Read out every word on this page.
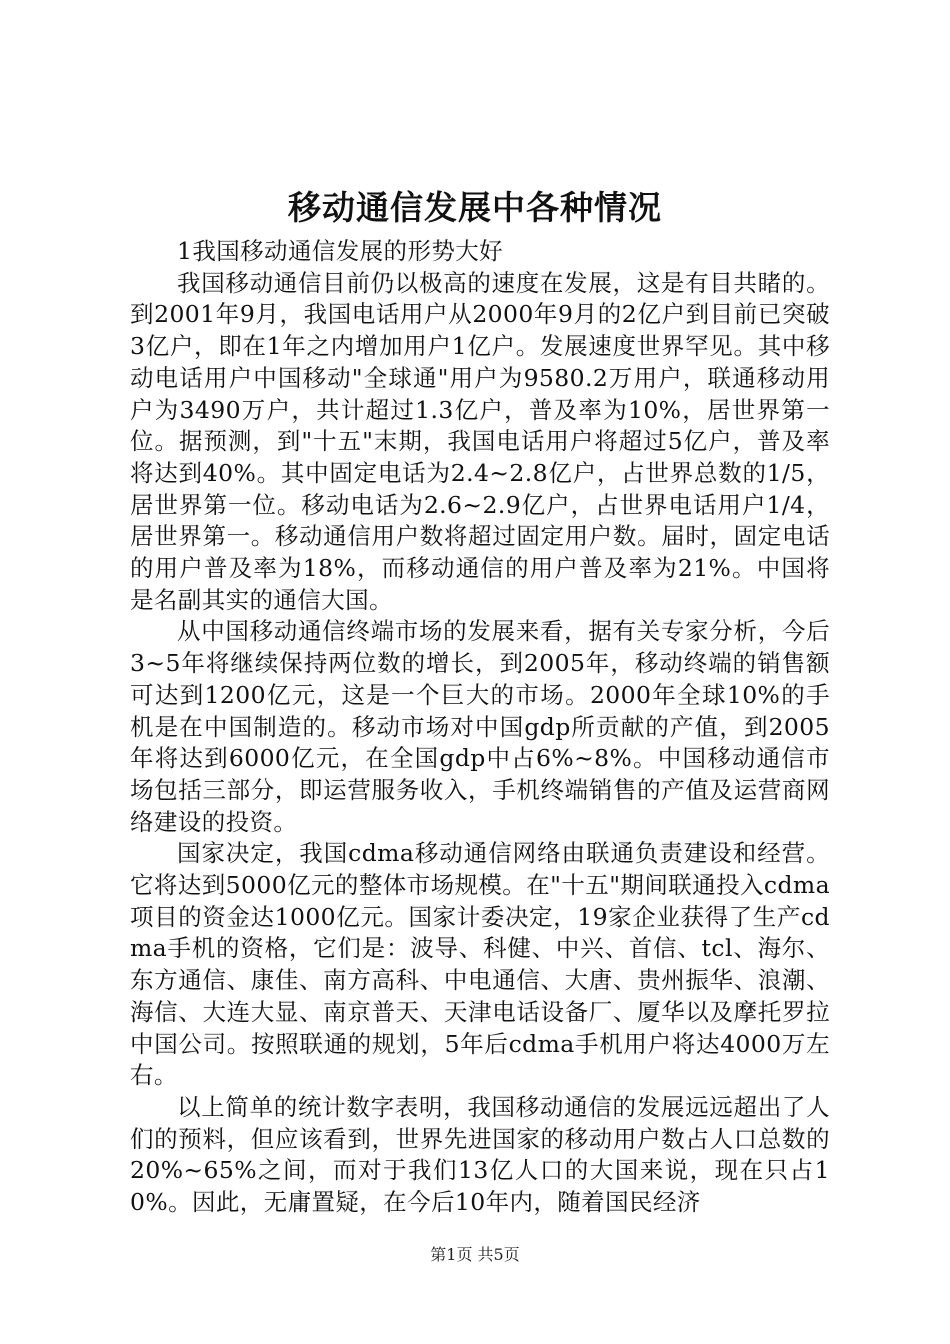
移动通信发展中各种情况

1我国移动通信发展的形势大好

我国移动通信目前仍以极高的速度在发展，这是有目共睹的。到2001年9月，我国电话用户从2000年9月的2亿户到目前已突破3亿户，即在1年之内增加用户1亿户。发展速度世界罕见。其中移动电话用户中国移动"全球通"用户为9580.2万用户，联通移动用户为3490万户，共计超过1.3亿户，普及率为10%，居世界第一位。据预测，到"十五"末期，我国电话用户将超过5亿户，普及率将达到40%。其中固定电话为2.4~2.8亿户，占世界总数的1/5，居世界第一位。移动电话为2.6~2.9亿户，占世界电话用户1/4，居世界第一。移动通信用户数将超过固定用户数。届时，固定电话的用户普及率为18%，而移动通信的用户普及率为21%。中国将是名副其实的通信大国。

从中国移动通信终端市场的发展来看，据有关专家分析，今后3~5年将继续保持两位数的增长，到2005年，移动终端的销售额可达到1200亿元，这是一个巨大的市场。2000年全球10%的手机是在中国制造的。移动市场对中国gdp所贡献的产值，到2005年将达到6000亿元，在全国gdp中占6%~8%。中国移动通信市场包括三部分，即运营服务收入，手机终端销售的产值及运营商网络建设的投资。

国家决定，我国cdma移动通信网络由联通负责建设和经营。它将达到5000亿元的整体市场规模。在"十五"期间联通投入cdma项目的资金达1000亿元。国家计委决定，19家企业获得了生产cdma手机的资格，它们是：波导、科健、中兴、首信、tcl、海尔、东方通信、康佳、南方高科、中电通信、大唐、贵州振华、浪潮、海信、大连大显、南京普天、天津电话设备厂、厦华以及摩托罗拉中国公司。按照联通的规划，5年后cdma手机用户将达4000万左右。

以上简单的统计数字表明，我国移动通信的发展远远超出了人们的预料，但应该看到，世界先进国家的移动用户数占人口总数的20%~65%之间，而对于我们13亿人口的大国来说，现在只占10%。因此，无庸置疑，在今后10年内，随着国民经济

第1页 共5页
